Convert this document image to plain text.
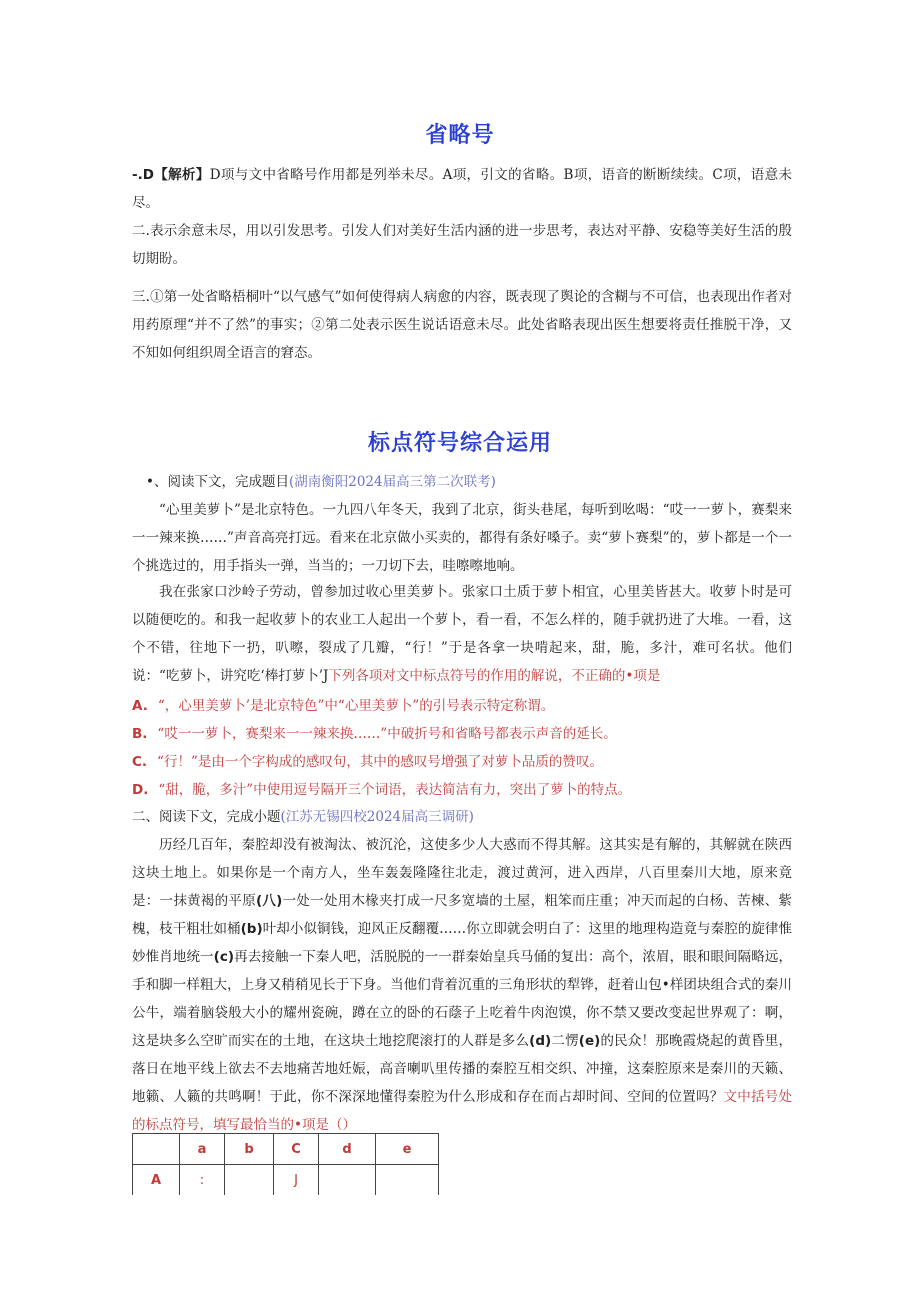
省略号
-.D【解析】D项与文中省略号作用都是列举未尽。A项，引文的省略。B项，语音的断断续续。C项，语意未尽。
二.表示余意未尽，用以引发思考。引发人们对美好生活内涵的进一步思考，表达对平静、安稳等美好生活的殷切期盼。
三.①第一处省略梧桐叶“以气感气”如何使得病人病愈的内容，既表现了舆论的含糊与不可信，也表现出作者对用药原理“并不了然”的事实；②第二处表示医生说话语意未尽。此处省略表现出医生想要将责任推脱干净，又不知如何组织周全语言的窘态。
标点符号综合运用
•、阅读下文，完成题目(湖南衡阳2024届高三第二次联考)
“心里美萝卜”是北京特色。一九四八年冬天，我到了北京，街头巷尾，每听到吆喝：“哎一一萝卜，赛梨来一一辣来换……”声音高亮打远。看来在北京做小买卖的，都得有条好嗓子。卖“萝卜赛梨”的，萝卜都是一个一个挑选过的，用手指头一弹，当当的；一刀切下去，哇嚓嚓地响。
我在张家口沙岭子劳动，曾参加过收心里美萝卜。张家口土质于萝卜相宜，心里美皆甚大。收萝卜时是可以随便吃的。和我一起收萝卜的农业工人起出一个萝卜，看一看，不怎么样的，随手就扔进了大堆。一看，这个不错，往地下一扔，叭嚓，裂成了几瓣，“行！”于是各拿一块啃起来，甜，脆，多汁，难可名状。他们说：“吃萝卜，讲究吃‘棒打萝卜’J下列各项对文中标点符号的作用的解说，不正确的•项是
A. “，心里美萝卜’是北京特色”中“心里美萝卜”的引号表示特定称谓。
B. “哎一一萝卜，赛梨来一一辣来换……”中破折号和省略号都表示声音的延长。
C. “行！”是由一个字构成的感叹句，其中的感叹号增强了对萝卜品质的赞叹。
D. “甜，脆，多汁”中使用逗号隔开三个词语，表达简洁有力，突出了萝卜的特点。
二、阅读下文，完成小题(江苏无锡四校2024届高三调研)
历经几百年，秦腔却没有被淘汰、被沉沦，这使多少人大惑而不得其解。这其实是有解的，其解就在陕西这块土地上。如果你是一个南方人，坐车轰轰隆隆往北走，渡过黄河，进入西岸，八百里秦川大地，原来竟是：一抹黄褐的平原(八)一处一处用木椽夹打成一尺多宽墙的土屋，粗笨而庄重；冲天而起的白杨、苦楝、紫槐，枝干粗壮如桶(b)叶却小似铜钱，迎风正反翻覆……你立即就会明白了：这里的地理构造竟与秦腔的旋律惟妙惟肖地统一(c)再去接触一下秦人吧，活脱脱的一一群秦始皇兵马俑的复出：高个，浓眉，眼和眼间隔略远，手和脚一样粗大，上身又稍稍见长于下身。当他们背着沉重的三角形状的犁铧，赶着山包•样团块组合式的秦川公牛，端着脑袋般大小的耀州瓷碗，蹲在立的卧的石蔭子上吃着牛肉泡馍，你不禁又要改变起世界观了：啊，这是块多么空旷而实在的土地，在这块土地挖爬滚打的人群是多么(d)二愣(e)的民众！那晚霞烧起的黄昏里，落日在地平线上欲去不去地痛苦地妊娠，高音喇叭里传播的秦腔互相交织、冲撞，这秦腔原来是秦川的天籁、地籁、人籁的共鸣啊！于此，你不深深地懂得秦腔为什么形成和存在而占却时间、空间的位置吗？文中括号处的标点符号，填写最恰当的•项是（）
	a	b	C	d	e
A	:		J		
